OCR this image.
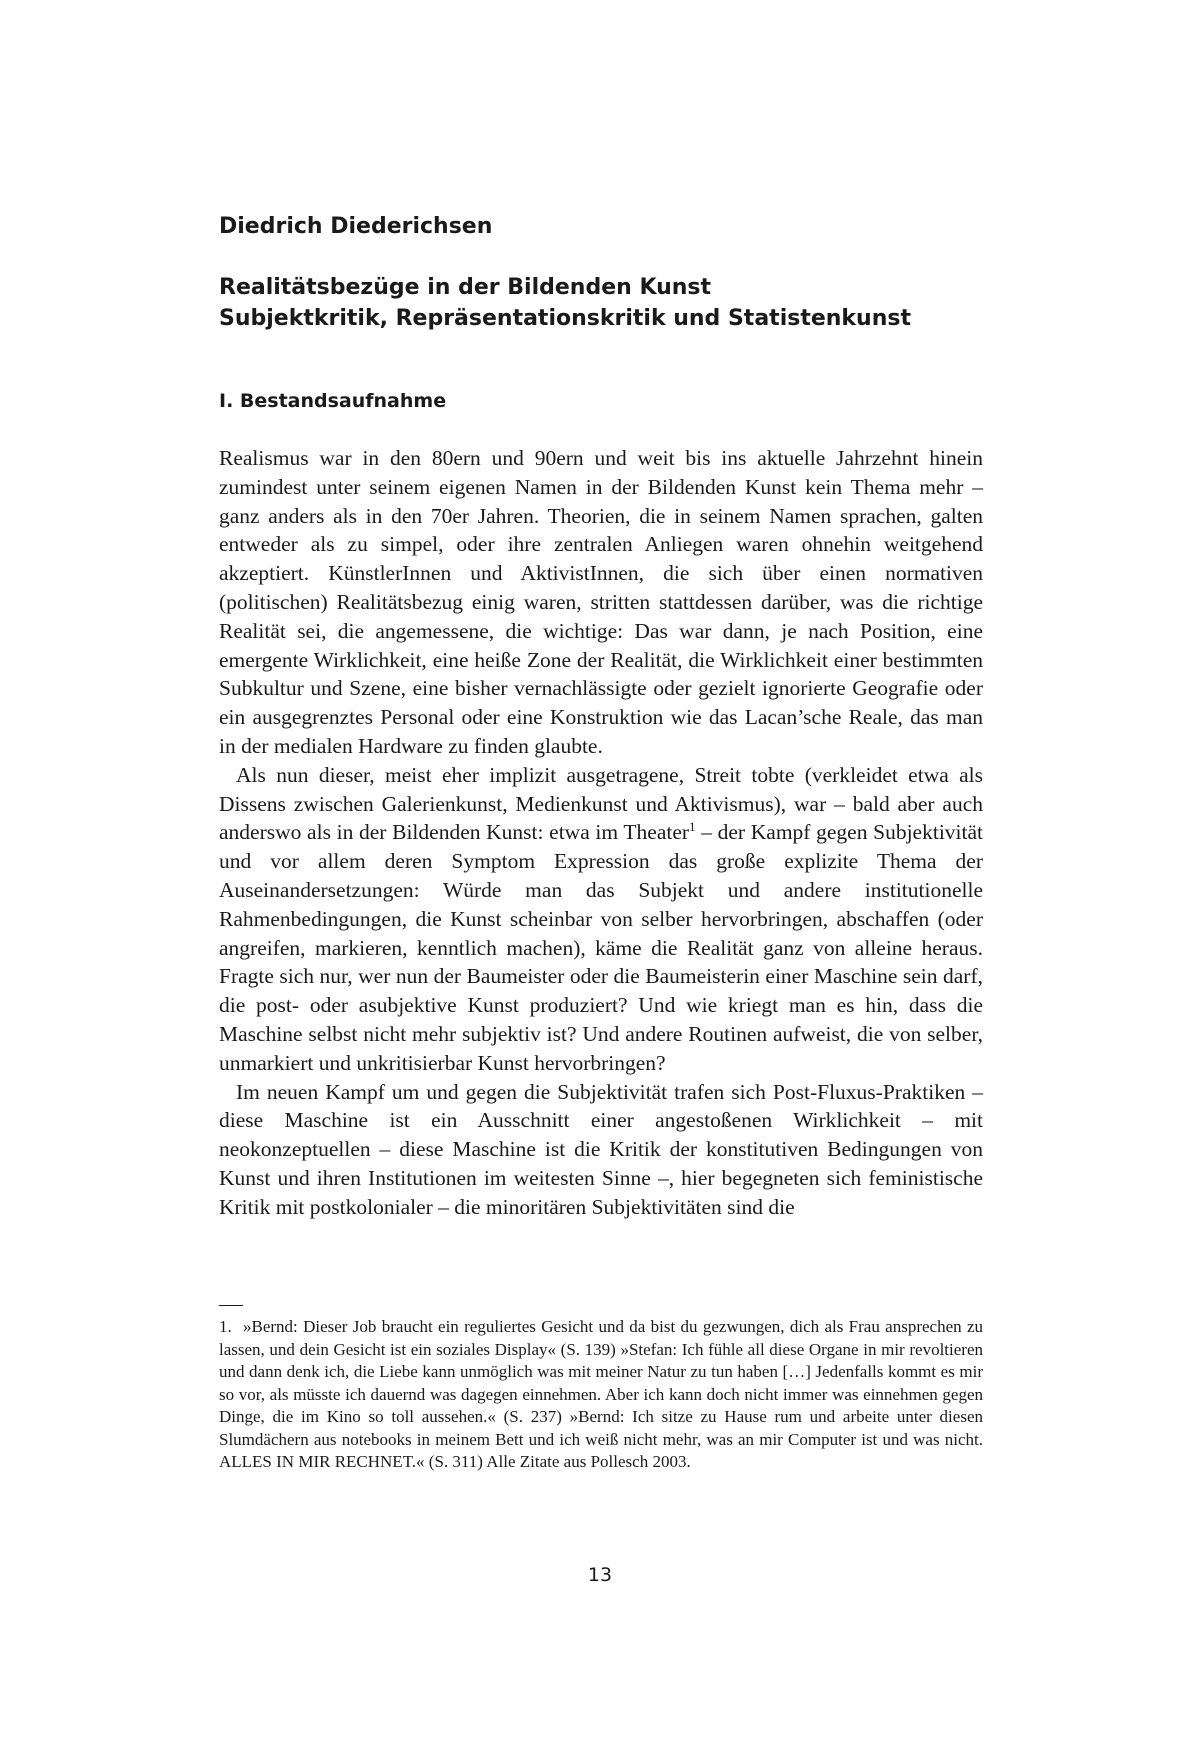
Diedrich Diederichsen
Realitätsbezüge in der Bildenden Kunst
Subjektkritik, Repräsentationskritik und Statistenkunst
I. Bestandsaufnahme

Realismus war in den 80ern und 90ern und weit bis ins aktuelle Jahrzehnt hinein zumindest unter seinem eigenen Namen in der Bildenden Kunst kein Thema mehr – ganz anders als in den 70er Jahren. Theorien, die in seinem Namen sprachen, galten entweder als zu simpel, oder ihre zentralen Anliegen waren ohnehin weitgehend akzeptiert. KünstlerInnen und AktivistInnen, die sich über einen normativen (politischen) Realitätsbezug einig waren, stritten stattdessen darüber, was die richtige Realität sei, die angemessene, die wichtige: Das war dann, je nach Position, eine emergente Wirklichkeit, eine heiße Zone der Realität, die Wirklichkeit einer bestimmten Subkultur und Szene, eine bisher vernachlässigte oder gezielt ignorierte Geografie oder ein ausgegrenztes Personal oder eine Konstruktion wie das Lacan’sche Reale, das man in der medialen Hardware zu finden glaubte.

Als nun dieser, meist eher implizit ausgetragene, Streit tobte (verkleidet etwa als Dissens zwischen Galerienkunst, Medienkunst und Aktivismus), war – bald aber auch anderswo als in der Bildenden Kunst: etwa im Theater$^1$ – der Kampf gegen Subjektivität und vor allem deren Symptom Expression das große explizite Thema der Auseinandersetzungen: Würde man das Subjekt und andere institutionelle Rahmenbedingungen, die Kunst scheinbar von selber hervorbringen, abschaffen (oder angreifen, markieren, kenntlich machen), käme die Realität ganz von alleine heraus. Fragte sich nur, wer nun der Baumeister oder die Baumeisterin einer Maschine sein darf, die post- oder asubjektive Kunst produziert? Und wie kriegt man es hin, dass die Maschine selbst nicht mehr subjektiv ist? Und andere Routinen aufweist, die von selber, unmarkiert und unkritisierbar Kunst hervorbringen?

Im neuen Kampf um und gegen die Subjektivität trafen sich Post-Fluxus-Praktiken – diese Maschine ist ein Ausschnitt einer angestoßenen Wirklichkeit – mit neokonzeptuellen – diese Maschine ist die Kritik der konstitutiven Bedingungen von Kunst und ihren Institutionen im weitesten Sinne –, hier begegneten sich feministische Kritik mit postkolonialer – die minoritären Subjektivitäten sind die

1. »Bernd: Dieser Job braucht ein reguliertes Gesicht und da bist du gezwungen, dich als Frau ansprechen zu lassen, und dein Gesicht ist ein soziales Display« (S. 139) »Stefan: Ich fühle all diese Organe in mir revoltieren und dann denk ich, die Liebe kann unmöglich was mit meiner Natur zu tun haben […] Jedenfalls kommt es mir so vor, als müsste ich dauernd was dagegen einnehmen. Aber ich kann doch nicht immer was einnehmen gegen Dinge, die im Kino so toll aussehen.« (S. 237) »Bernd: Ich sitze zu Hause rum und arbeite unter diesen Slumdächern aus notebooks in meinem Bett und ich weiß nicht mehr, was an mir Computer ist und was nicht. ALLES IN MIR RECHNET.« (S. 311) Alle Zitate aus Pollesch 2003.

13
